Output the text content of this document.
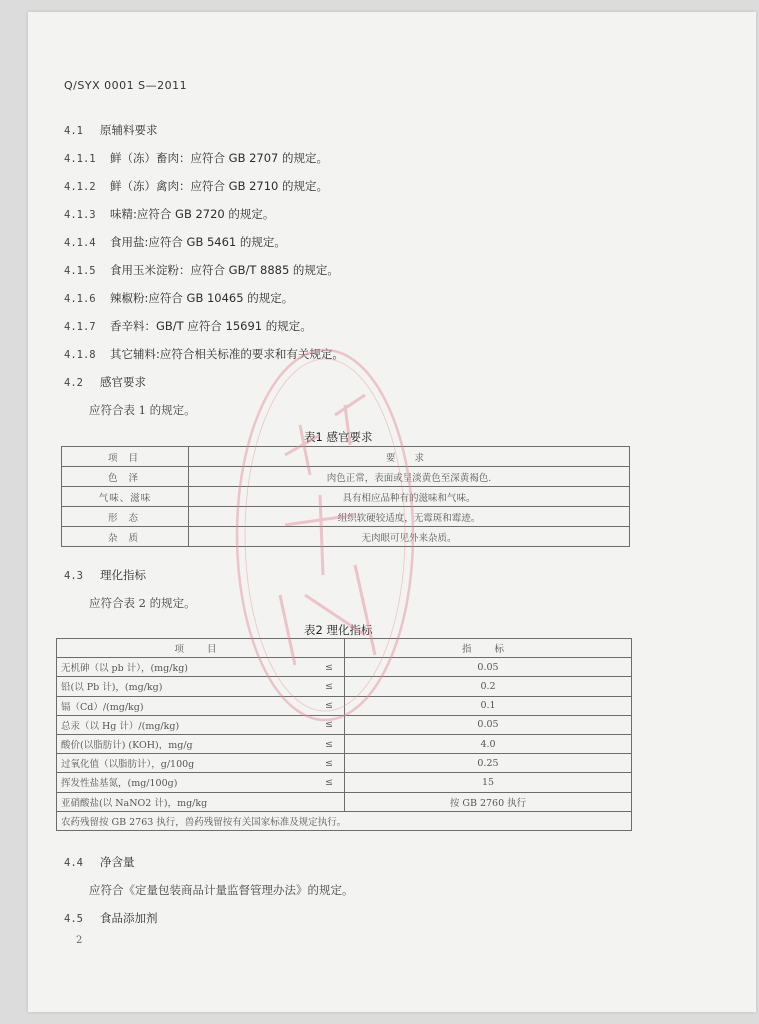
Q/SYX 0001 S—2011
4.1 原辅料要求
4.1.1 鲜（冻）畜肉：应符合 GB 2707 的规定。
4.1.2 鲜（冻）禽肉：应符合 GB 2710 的规定。
4.1.3 味精:应符合 GB 2720 的规定。
4.1.4 食用盐:应符合 GB 5461 的规定。
4.1.5 食用玉米淀粉：应符合 GB/T 8885 的规定。
4.1.6 辣椒粉:应符合 GB 10465 的规定。
4.1.7 香辛料：GB/T 应符合 15691 的规定。
4.1.8 其它辅料:应符合相关标准的要求和有关规定。
4.2 感官要求
应符合表 1 的规定。
表1 感官要求
项 目	要 求
色 泽	肉色正常，表面或呈淡黄色至深黄褐色.
气味、滋味	具有相应品种有的滋味和气味。
形 态	组织软硬较适度，无霉斑和霉迹。
杂 质	无肉眼可见外来杂质。
4.3 理化指标
应符合表 2 的规定。
表2 理化指标
项 目		指 标
无机砷（以 pb 计），(mg/kg)	≤	0.05
铅(以 Pb 计)，(mg/kg)	≤	0.2
镉（Cd）/(mg/kg)	≤	0.1
总汞（以 Hg 计）/(mg/kg)	≤	0.05
酸价(以脂肪计) (KOH)，mg/g	≤	4.0
过氧化值（以脂肪计），g/100g	≤	0.25
挥发性盐基氮，(mg/100g)	≤	15
亚硝酸盐(以 NaNO2 计)，mg/kg		按 GB 2760 执行
农药残留按 GB 2763 执行，兽药残留按有关国家标准及规定执行。		
4.4 净含量
应符合《定量包装商品计量监督管理办法》的规定。
4.5 食品添加剂
2
